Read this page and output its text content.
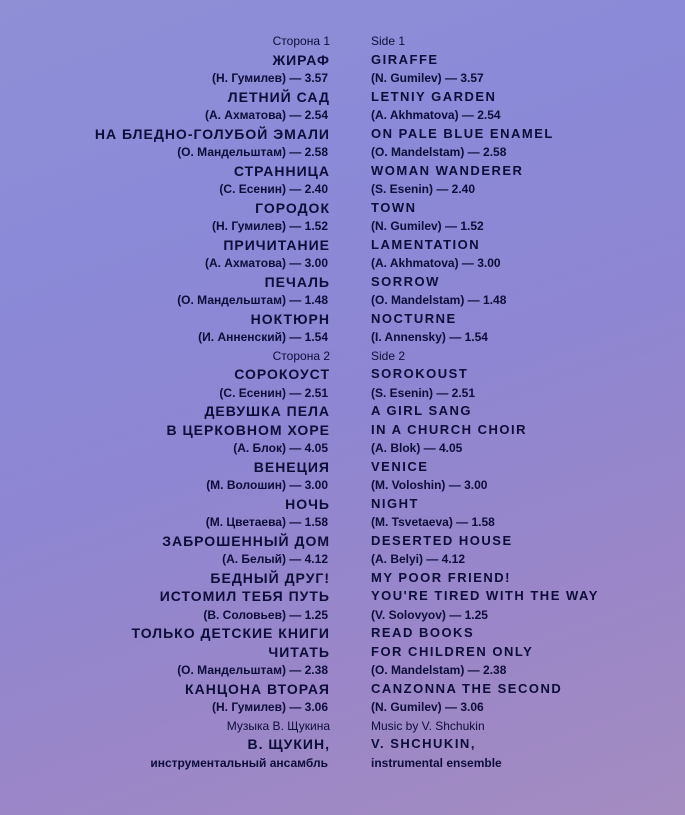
Сторона 1
ЖИРАФ
(Н. Гумилев) — 3.57
ЛЕТНИЙ САД
(А. Ахматова) — 2.54
НА БЛЕДНО-ГОЛУБОЙ ЭМАЛИ
(О. Мандельштам) — 2.58
СТРАННИЦА
(С. Есенин) — 2.40
ГОРОДОК
(Н. Гумилев) — 1.52
ПРИЧИТАНИЕ
(А. Ахматова) — 3.00
ПЕЧАЛЬ
(О. Мандельштам) — 1.48
НОКТЮРН
(И. Анненский) — 1.54
Сторона 2
СОРОКОУСТ
(С. Есенин) — 2.51
ДЕВУШКА ПЕЛА
В ЦЕРКОВНОМ ХОРЕ
(А. Блок) — 4.05
ВЕНЕЦИЯ
(М. Волошин) — 3.00
НОЧЬ
(М. Цветаева) — 1.58
ЗАБРОШЕННЫЙ ДОМ
(А. Белый) — 4.12
БЕДНЫЙ ДРУГ!
ИСТОМИЛ ТЕБЯ ПУТЬ
(В. Соловьев) — 1.25
ТОЛЬКО ДЕТСКИЕ КНИГИ
ЧИТАТЬ
(О. Мандельштам) — 2.38
КАНЦОНА ВТОРАЯ
(Н. Гумилев) — 3.06
Музыка В. Щукина
В. ЩУКИН,
инструментальный ансамбль
Side 1
GIRAFFE
(N. Gumilev) — 3.57
LETNIY GARDEN
(A. Akhmatova) — 2.54
ON PALE BLUE ENAMEL
(O. Mandelstam) — 2.58
WOMAN WANDERER
(S. Esenin) — 2.40
TOWN
(N. Gumilev) — 1.52
LAMENTATION
(A. Akhmatova) — 3.00
SORROW
(O. Mandelstam) — 1.48
NOCTURNE
(I. Annensky) — 1.54
Side 2
SOROKOUST
(S. Esenin) — 2.51
A GIRL SANG
IN A CHURCH CHOIR
(A. Blok) — 4.05
VENICE
(M. Voloshin) — 3.00
NIGHT
(M. Tsvetaeva) — 1.58
DESERTED HOUSE
(A. Belyi) — 4.12
MY POOR FRIEND!
YOU'RE TIRED WITH THE WAY
(V. Solovyov) — 1.25
READ BOOKS
FOR CHILDREN ONLY
(O. Mandelstam) — 2.38
CANZONNA THE SECOND
(N. Gumilev) — 3.06
Music by V. Shchukin
V. SHCHUKIN,
instrumental ensemble
